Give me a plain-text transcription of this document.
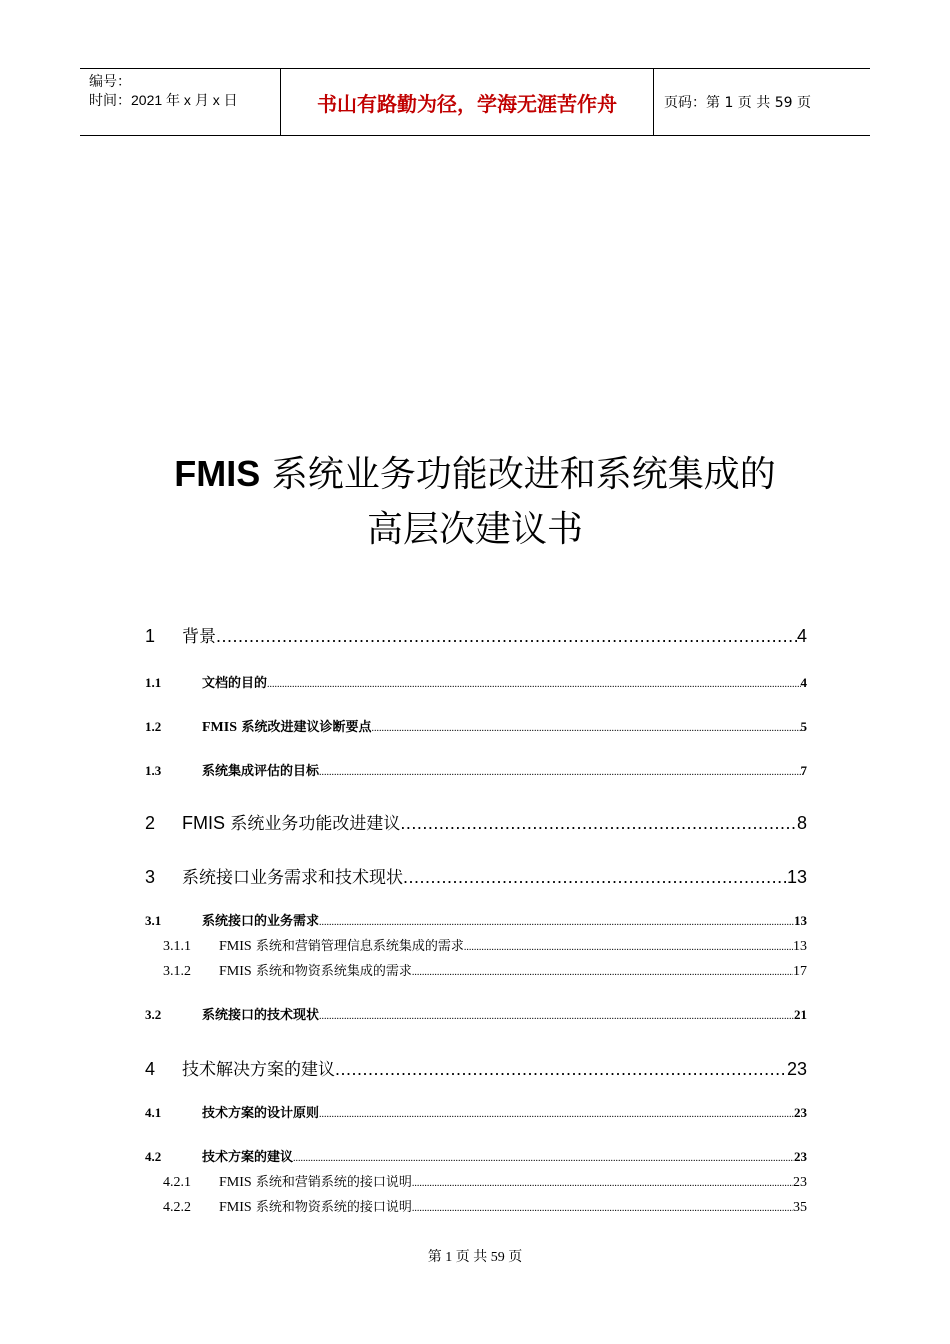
编号：
时间：2021 年 x 月 x 日	书山有路勤为径，学海无涯苦作舟	页码：第 1 页 共 59 页
FMIS 系统业务功能改进和系统集成的
高层次建议书
1	背景 .....	4
1.1	文档的目的 .....	4
1.2	FMIS 系统改进建议诊断要点 .....	5
1.3	系统集成评估的目标 .....	7
2	FMIS 系统业务功能改进建议 .....	8
3	系统接口业务需求和技术现状 .....	13
3.1	系统接口的业务需求 .....	13
3.1.1	FMIS 系统和营销管理信息系统集成的需求 .....	13
3.1.2	FMIS 系统和物资系统集成的需求 .....	17
3.2	系统接口的技术现状 .....	21
4	技术解决方案的建议 .....	23
4.1	技术方案的设计原则 .....	23
4.2	技术方案的建议 .....	23
4.2.1	FMIS 系统和营销系统的接口说明 .....	23
4.2.2	FMIS 系统和物资系统的接口说明 .....	35
第 1 页 共 59 页
